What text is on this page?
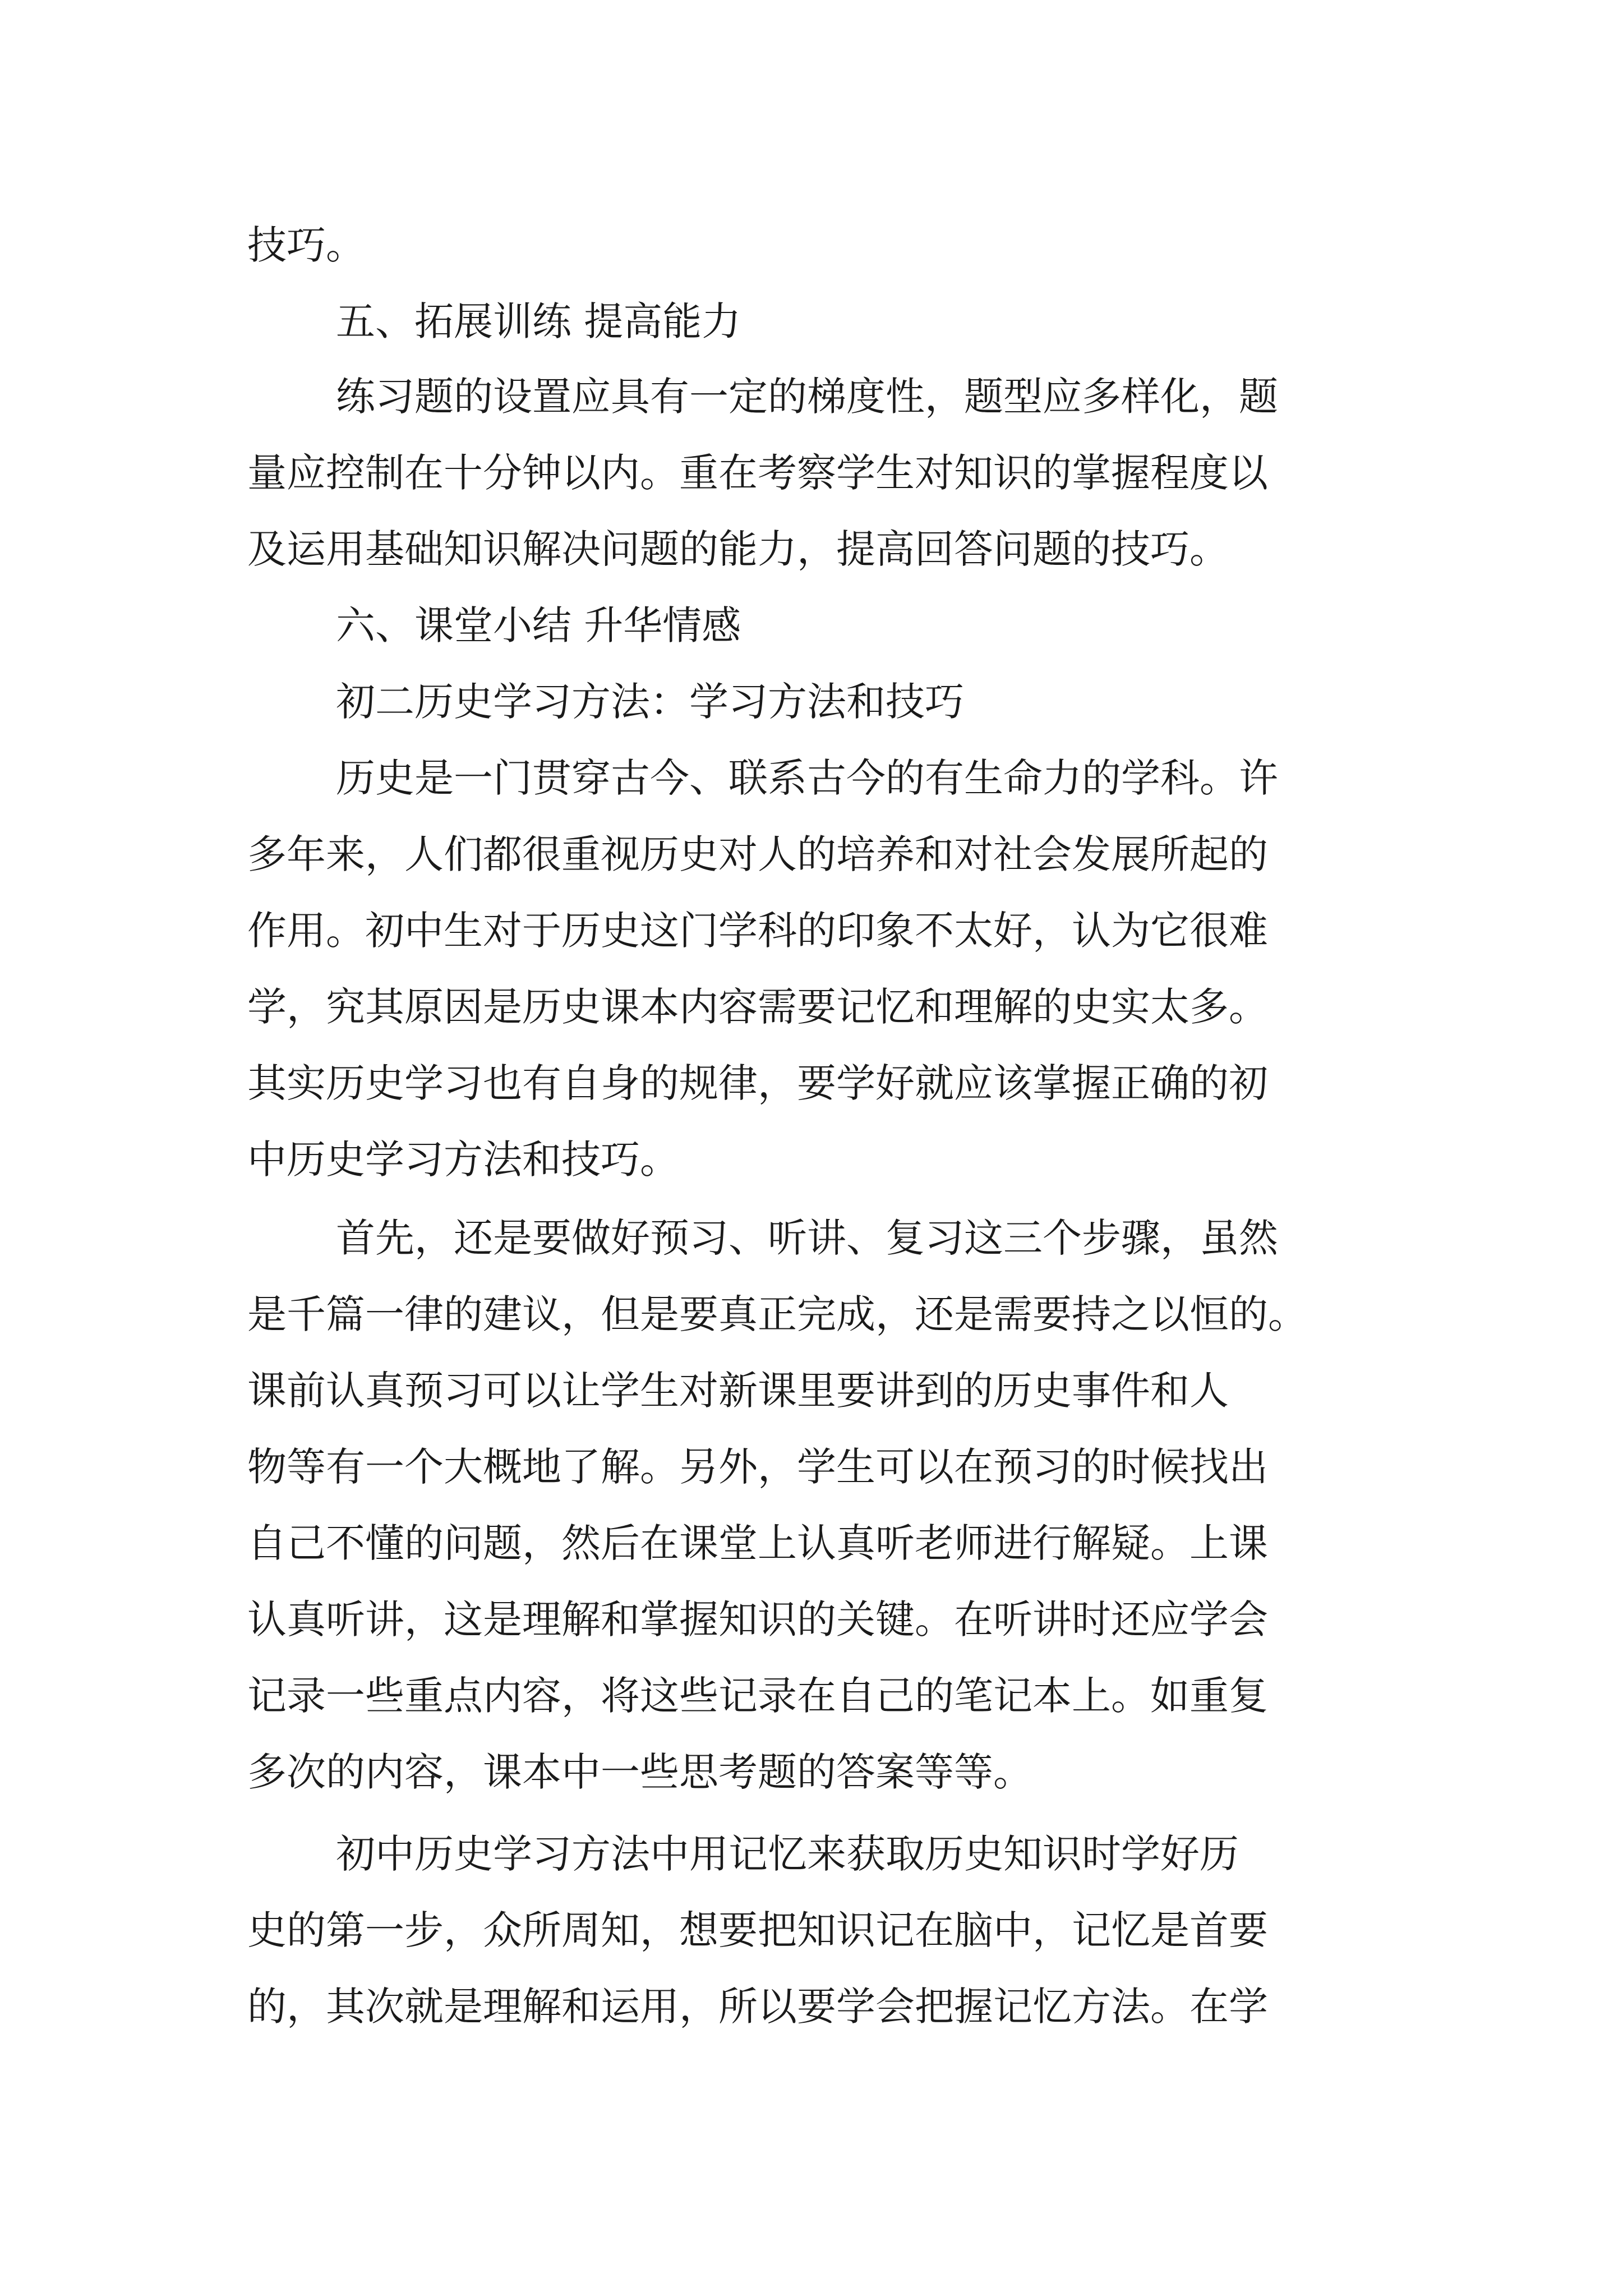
技巧。
五、拓展训练 提高能力
练习题的设置应具有一定的梯度性，题型应多样化，题
量应控制在十分钟以内。重在考察学生对知识的掌握程度以
及运用基础知识解决问题的能力，提高回答问题的技巧。
六、课堂小结 升华情感
初二历史学习方法：学习方法和技巧
历史是一门贯穿古今、联系古今的有生命力的学科。许
多年来，人们都很重视历史对人的培养和对社会发展所起的
作用。初中生对于历史这门学科的印象不太好，认为它很难
学，究其原因是历史课本内容需要记忆和理解的史实太多。
其实历史学习也有自身的规律，要学好就应该掌握正确的初
中历史学习方法和技巧。
首先，还是要做好预习、听讲、复习这三个步骤，虽然
是千篇一律的建议，但是要真正完成，还是需要持之以恒的。
课前认真预习可以让学生对新课里要讲到的历史事件和人
物等有一个大概地了解。另外，学生可以在预习的时候找出
自己不懂的问题，然后在课堂上认真听老师进行解疑。上课
认真听讲，这是理解和掌握知识的关键。在听讲时还应学会
记录一些重点内容，将这些记录在自己的笔记本上。如重复
多次的内容，课本中一些思考题的答案等等。
初中历史学习方法中用记忆来获取历史知识时学好历
史的第一步，众所周知，想要把知识记在脑中，记忆是首要
的，其次就是理解和运用，所以要学会把握记忆方法。在学
